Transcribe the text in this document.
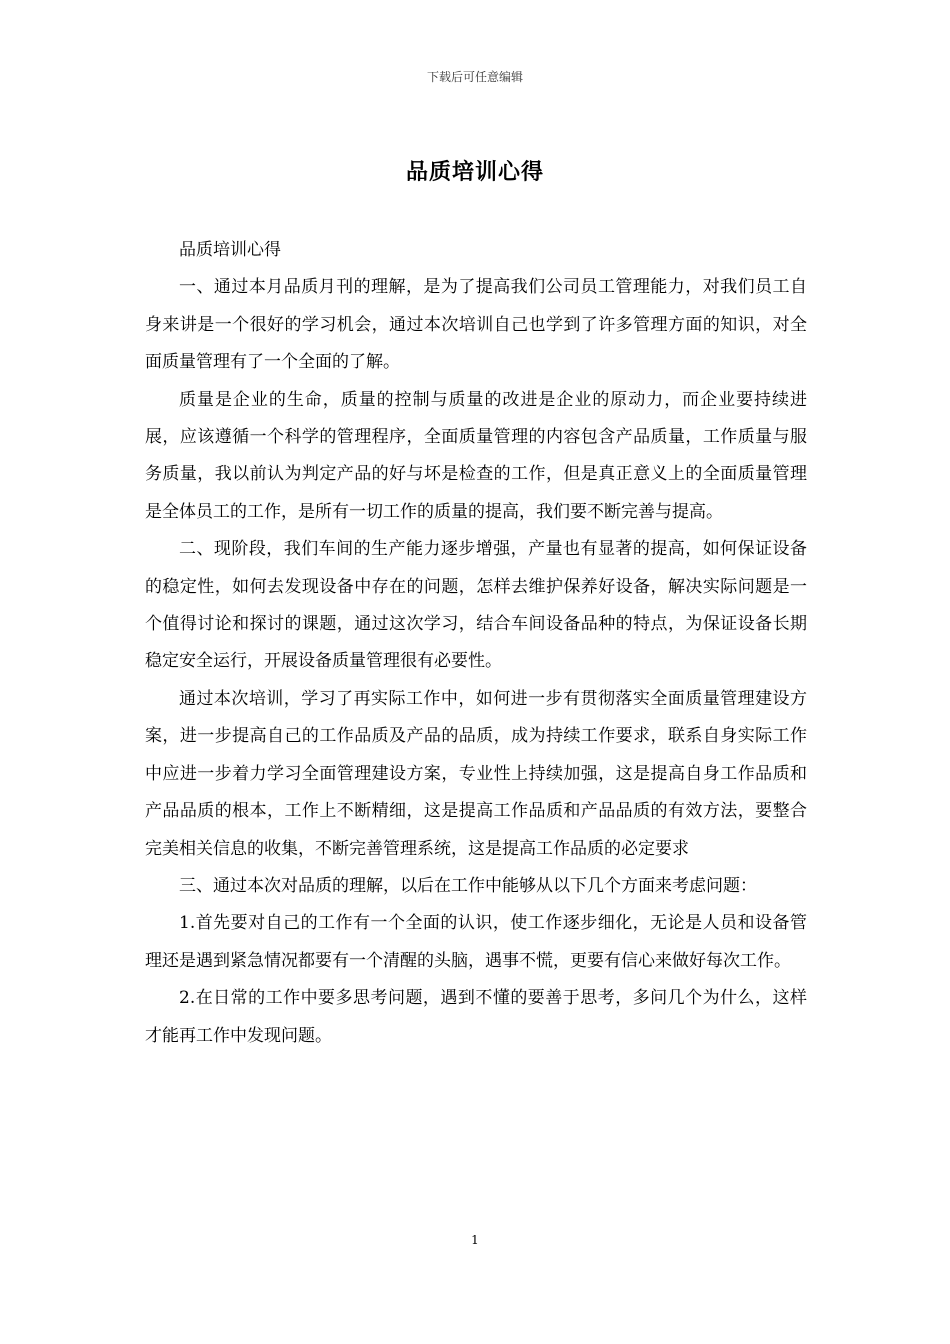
下载后可任意编辑
品质培训心得

品质培训心得

一、通过本月品质月刊的理解，是为了提高我们公司员工管理能力，对我们员工自身来讲是一个很好的学习机会，通过本次培训自己也学到了许多管理方面的知识，对全面质量管理有了一个全面的了解。

质量是企业的生命，质量的控制与质量的改进是企业的原动力，而企业要持续进展，应该遵循一个科学的管理程序，全面质量管理的内容包含产品质量，工作质量与服务质量，我以前认为判定产品的好与坏是检查的工作，但是真正意义上的全面质量管理是全体员工的工作，是所有一切工作的质量的提高，我们要不断完善与提高。

二、现阶段，我们车间的生产能力逐步增强，产量也有显著的提高，如何保证设备的稳定性，如何去发现设备中存在的问题，怎样去维护保养好设备，解决实际问题是一个值得讨论和探讨的课题，通过这次学习，结合车间设备品种的特点，为保证设备长期稳定安全运行，开展设备质量管理很有必要性。

通过本次培训，学习了再实际工作中，如何进一步有贯彻落实全面质量管理建设方案，进一步提高自己的工作品质及产品的品质，成为持续工作要求，联系自身实际工作中应进一步着力学习全面管理建设方案，专业性上持续加强，这是提高自身工作品质和产品品质的根本，工作上不断精细，这是提高工作品质和产品品质的有效方法，要整合完美相关信息的收集，不断完善管理系统，这是提高工作品质的必定要求

三、通过本次对品质的理解，以后在工作中能够从以下几个方面来考虑问题：

1.首先要对自己的工作有一个全面的认识，使工作逐步细化，无论是人员和设备管理还是遇到紧急情况都要有一个清醒的头脑，遇事不慌，更要有信心来做好每次工作。

2.在日常的工作中要多思考问题，遇到不懂的要善于思考，多问几个为什么，这样才能再工作中发现问题。

1
